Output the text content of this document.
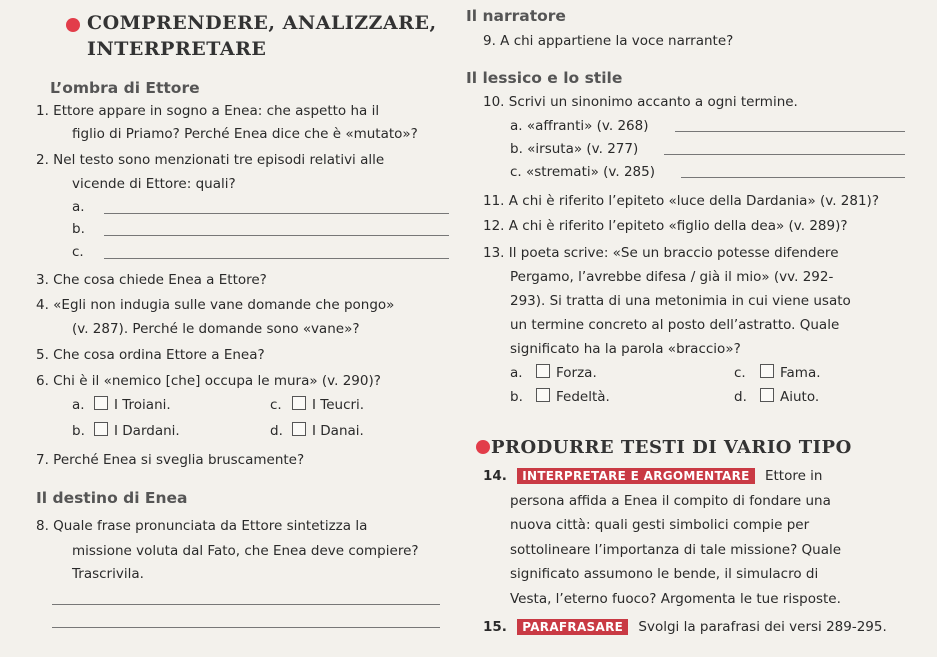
COMPRENDERE, ANALIZZARE,
INTERPRETARE
L’ombra di Ettore
1. Ettore appare in sogno a Enea: che aspetto ha il
figlio di Priamo? Perché Enea dice che è «mutato»?
2. Nel testo sono menzionati tre episodi relativi alle
vicende di Ettore: quali?
a.
b.
c.
3. Che cosa chiede Enea a Ettore?
4. «Egli non indugia sulle vane domande che pongo»
(v. 287). Perché le domande sono «vane»?
5. Che cosa ordina Ettore a Enea?
6. Chi è il «nemico [che] occupa le mura» (v. 290)?
a. I Troiani.	c. I Teucri.
b. I Dardani.	d. I Danai.
7. Perché Enea si sveglia bruscamente?
Il destino di Enea
8. Quale frase pronunciata da Ettore sintetizza la
missione voluta dal Fato, che Enea deve compiere?
Trascrivila.
Il narratore
9. A chi appartiene la voce narrante?
Il lessico e lo stile
10. Scrivi un sinonimo accanto a ogni termine.
a. «affranti» (v. 268)
b. «irsuta» (v. 277)
c. «stremati» (v. 285)
11. A chi è riferito l’epiteto «luce della Dardania» (v. 281)?
12. A chi è riferito l’epiteto «figlio della dea» (v. 289)?
13. Il poeta scrive: «Se un braccio potesse difendere
Pergamo, l’avrebbe difesa / già il mio» (vv. 292-
293). Si tratta di una metonimia in cui viene usato
un termine concreto al posto dell’astratto. Quale
significato ha la parola «braccio»?
a. Forza.	c.	Fama.
b. Fedeltà.	d. Aiuto.
PRODURRE TESTI DI VARIO TIPO
14. INTERPRETARE E ARGOMENTARE Ettore in
persona affida a Enea il compito di fondare una
nuova città: quali gesti simbolici compie per
sottolineare l’importanza di tale missione? Quale
significato assumono le bende, il simulacro di
Vesta, l’eterno fuoco? Argomenta le tue risposte.
15. PARAFRASARE Svolgi la parafrasi dei versi 289-295.
